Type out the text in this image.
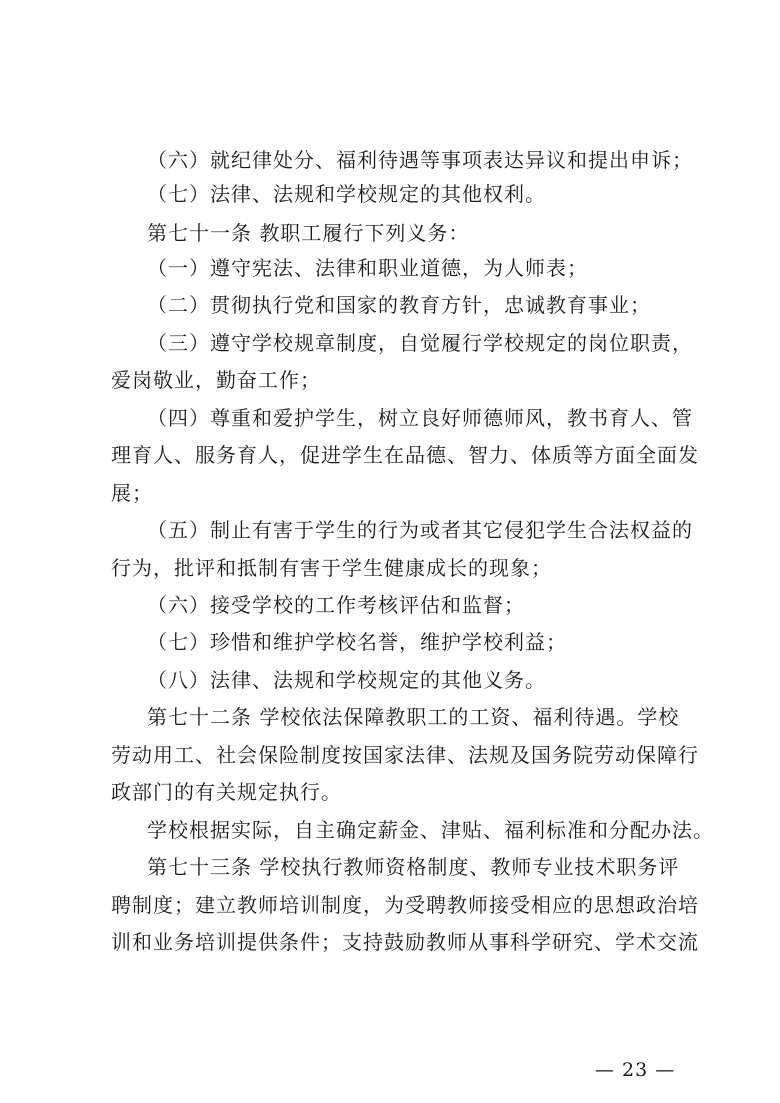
（六）就纪律处分、福利待遇等事项表达异议和提出申诉；
（七）法律、法规和学校规定的其他权利。
第七十一条 教职工履行下列义务：
（一）遵守宪法、法律和职业道德，为人师表；
（二）贯彻执行党和国家的教育方针，忠诚教育事业；
（三）遵守学校规章制度，自觉履行学校规定的岗位职责，
爱岗敬业，勤奋工作；
（四）尊重和爱护学生，树立良好师德师风，教书育人、管
理育人、服务育人，促进学生在品德、智力、体质等方面全面发
展；
（五）制止有害于学生的行为或者其它侵犯学生合法权益的
行为，批评和抵制有害于学生健康成长的现象；
（六）接受学校的工作考核评估和监督；
（七）珍惜和维护学校名誉，维护学校利益；
（八）法律、法规和学校规定的其他义务。
第七十二条 学校依法保障教职工的工资、福利待遇。学校
劳动用工、社会保险制度按国家法律、法规及国务院劳动保障行
政部门的有关规定执行。
学校根据实际，自主确定薪金、津贴、福利标准和分配办法。
第七十三条 学校执行教师资格制度、教师专业技术职务评
聘制度；建立教师培训制度，为受聘教师接受相应的思想政治培
训和业务培训提供条件；支持鼓励教师从事科学研究、学术交流
— 23 —
